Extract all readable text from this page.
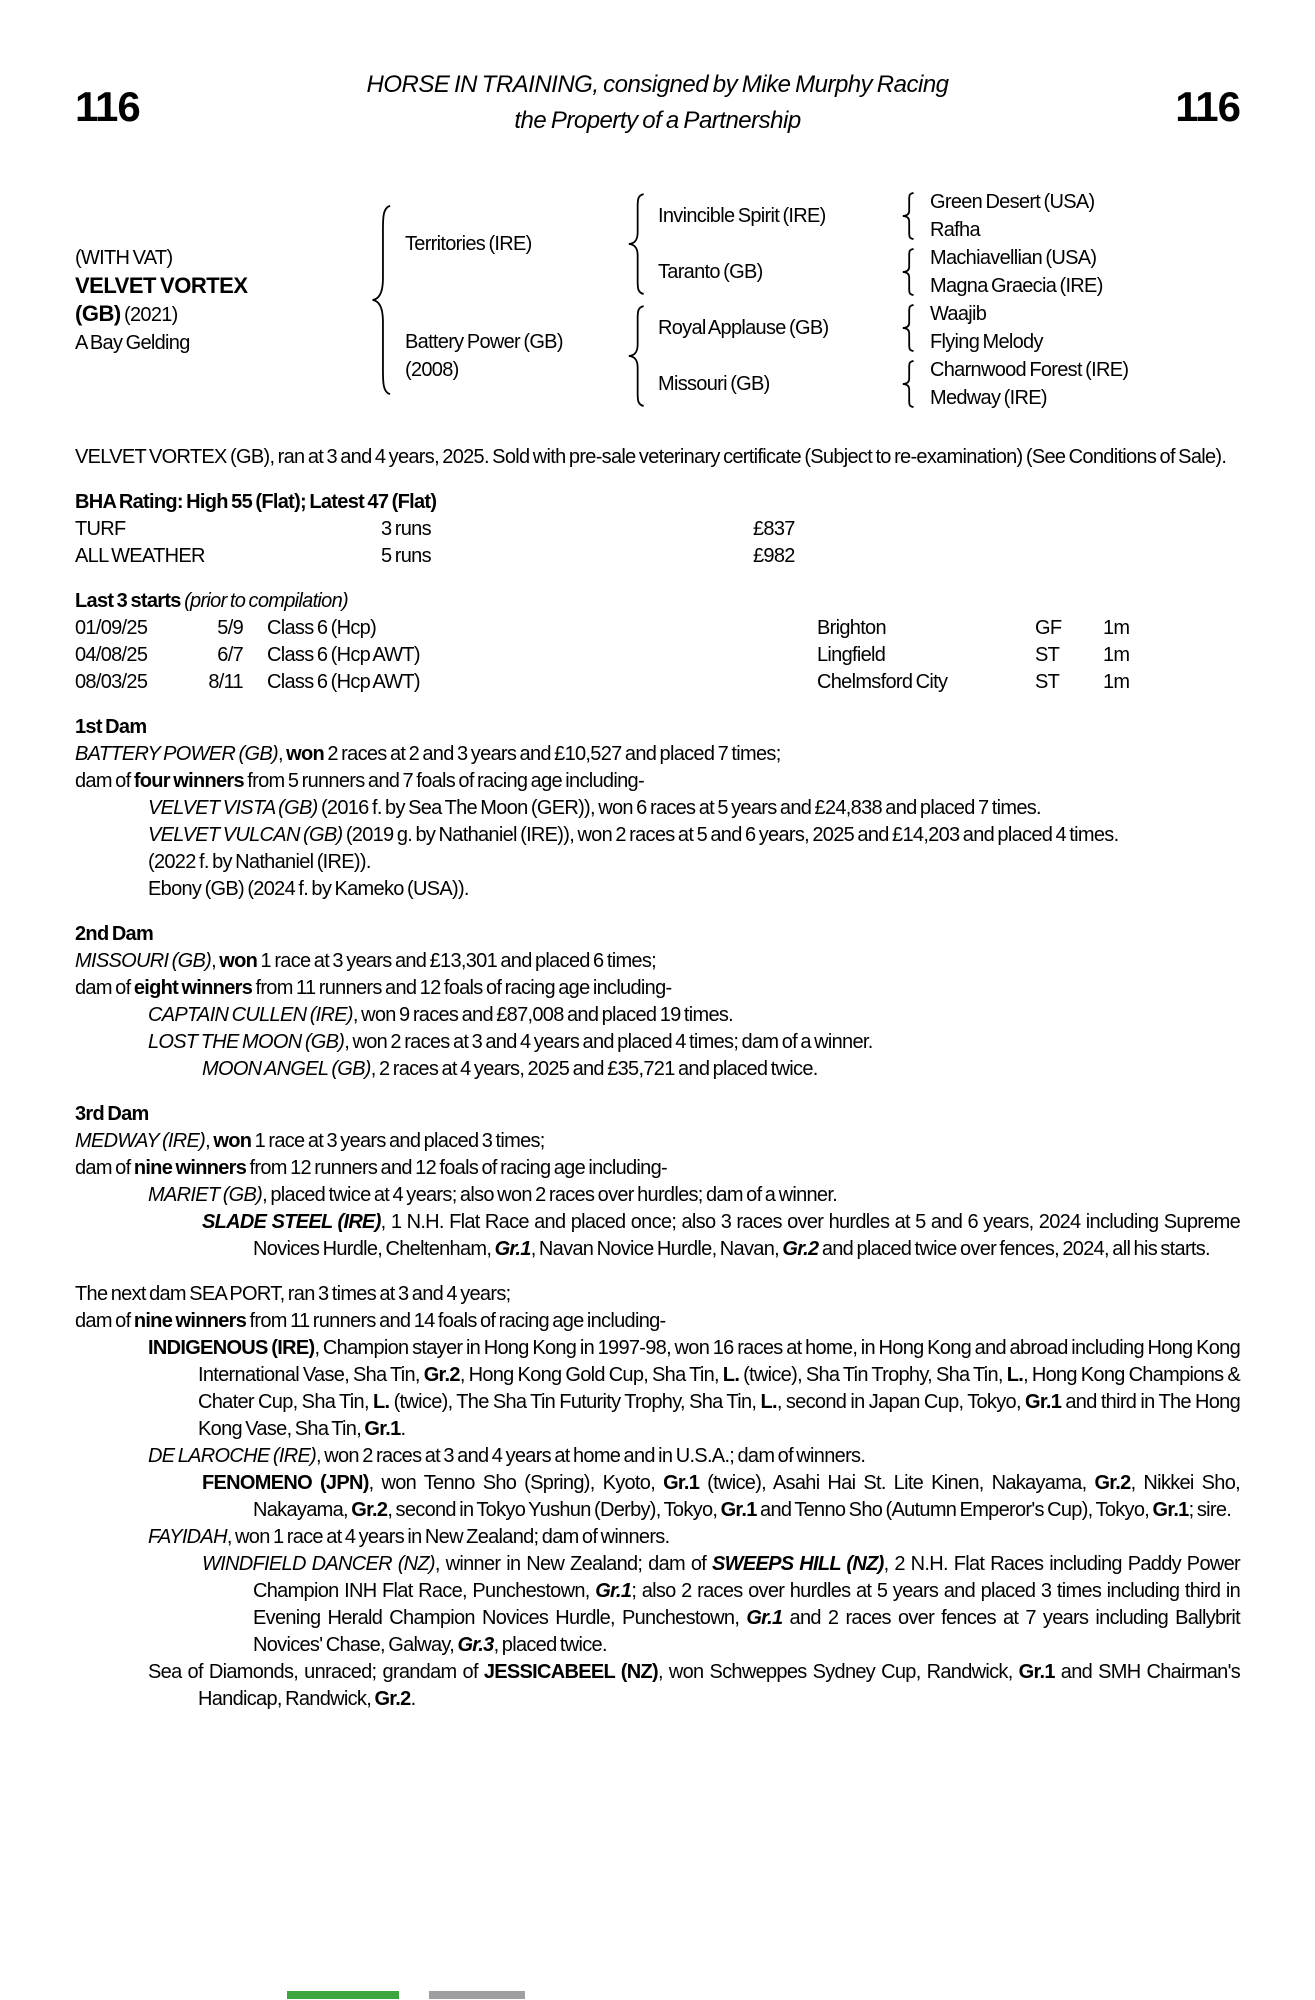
116	116
HORSE IN TRAINING, consigned by Mike Murphy Racing
the Property of a Partnership
(WITH VAT)
VELVET VORTEX
(GB) (2021)
A Bay Gelding
Territories (IRE)
Battery Power (GB)
(2008)
Invincible Spirit (IRE)
Taranto (GB)
Royal Applause (GB)
Missouri (GB)
Green Desert (USA)
Rafha
Machiavellian (USA)
Magna Graecia (IRE)
Waajib
Flying Melody
Charnwood Forest (IRE)
Medway (IRE)

VELVET VORTEX (GB), ran at 3 and 4 years, 2025. Sold with pre-sale veterinary certificate (Subject to re-examination) (See Conditions of Sale).

BHA Rating: High 55 (Flat); Latest 47 (Flat)
TURF	3 runs	£837
ALL WEATHER	5 runs	£982
Last 3 starts (prior to compilation)
01/09/25	5/9	Class 6 (Hcp)	Brighton	GF	1m
04/08/25	6/7	Class 6 (Hcp AWT)	Lingfield	ST	1m
08/03/25	8/11	Class 6 (Hcp AWT)	Chelmsford City	ST	1m
1st Dam

BATTERY POWER (GB), won 2 races at 2 and 3 years and £10,527 and placed 7 times;

dam of four winners from 5 runners and 7 foals of racing age including-

VELVET VISTA (GB) (2016 f. by Sea The Moon (GER)), won 6 races at 5 years and £24,838 and placed 7 times.

VELVET VULCAN (GB) (2019 g. by Nathaniel (IRE)), won 2 races at 5 and 6 years, 2025 and £14,203 and placed 4 times.

(2022 f. by Nathaniel (IRE)).

Ebony (GB) (2024 f. by Kameko (USA)).

2nd Dam

MISSOURI (GB), won 1 race at 3 years and £13,301 and placed 6 times;

dam of eight winners from 11 runners and 12 foals of racing age including-

CAPTAIN CULLEN (IRE), won 9 races and £87,008 and placed 19 times.

LOST THE MOON (GB), won 2 races at 3 and 4 years and placed 4 times; dam of a winner.

MOON ANGEL (GB), 2 races at 4 years, 2025 and £35,721 and placed twice.

3rd Dam

MEDWAY (IRE), won 1 race at 3 years and placed 3 times;

dam of nine winners from 12 runners and 12 foals of racing age including-

MARIET (GB), placed twice at 4 years; also won 2 races over hurdles; dam of a winner.

SLADE STEEL (IRE), 1 N.H. Flat Race and placed once; also 3 races over hurdles at 5 and 6 years, 2024 including Supreme Novices Hurdle, Cheltenham, Gr.1, Navan Novice Hurdle, Navan, Gr.2 and placed twice over fences, 2024, all his starts.

The next dam SEA PORT, ran 3 times at 3 and 4 years;

dam of nine winners from 11 runners and 14 foals of racing age including-

INDIGENOUS (IRE), Champion stayer in Hong Kong in 1997-98, won 16 races at home, in Hong Kong and abroad including Hong Kong International Vase, Sha Tin, Gr.2, Hong Kong Gold Cup, Sha Tin, L. (twice), Sha Tin Trophy, Sha Tin, L., Hong Kong Champions & Chater Cup, Sha Tin, L. (twice), The Sha Tin Futurity Trophy, Sha Tin, L., second in Japan Cup, Tokyo, Gr.1 and third in The Hong Kong Vase, Sha Tin, Gr.1.

DE LAROCHE (IRE), won 2 races at 3 and 4 years at home and in U.S.A.; dam of winners.

FENOMENO (JPN), won Tenno Sho (Spring), Kyoto, Gr.1 (twice), Asahi Hai St. Lite Kinen, Nakayama, Gr.2, Nikkei Sho, Nakayama, Gr.2, second in Tokyo Yushun (Derby), Tokyo, Gr.1 and Tenno Sho (Autumn Emperor's Cup), Tokyo, Gr.1; sire.

FAYIDAH, won 1 race at 4 years in New Zealand; dam of winners.

WINDFIELD DANCER (NZ), winner in New Zealand; dam of SWEEPS HILL (NZ), 2 N.H. Flat Races including Paddy Power Champion INH Flat Race, Punchestown, Gr.1; also 2 races over hurdles at 5 years and placed 3 times including third in Evening Herald Champion Novices Hurdle, Punchestown, Gr.1 and 2 races over fences at 7 years including Ballybrit Novices' Chase, Galway, Gr.3, placed twice.

Sea of Diamonds, unraced; grandam of JESSICABEEL (NZ), won Schweppes Sydney Cup, Randwick, Gr.1 and SMH Chairman's Handicap, Randwick, Gr.2.
